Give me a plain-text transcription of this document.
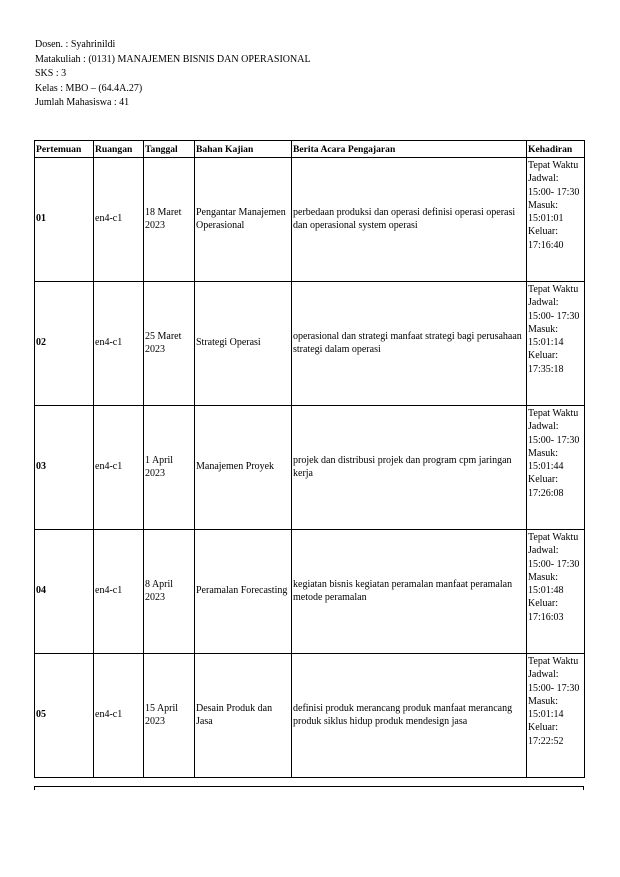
Dosen. : Syahrinildi
Matakuliah : (0131) MANAJEMEN BISNIS DAN OPERASIONAL
SKS : 3
Kelas : MBO – (64.4A.27)
Jumlah Mahasiswa : 41
Pertemuan	Ruangan	Tanggal	Bahan Kajian	Berita Acara Pengajaran	Kehadiran
01	en4-c1	18 Maret 2023	Pengantar Manajemen Operasional	perbedaan produksi dan operasi definisi operasi operasi dan operasional system operasi	Tepat Waktu Jadwal: 15:00- 17:30 Masuk: 15:01:01 Keluar: 17:16:40
02	en4-c1	25 Maret 2023	Strategi Operasi	operasional dan strategi manfaat strategi bagi perusahaan strategi dalam operasi	Tepat Waktu Jadwal: 15:00- 17:30 Masuk: 15:01:14 Keluar: 17:35:18
03	en4-c1	1 April 2023	Manajemen Proyek	projek dan distribusi projek dan program cpm jaringan kerja	Tepat Waktu Jadwal: 15:00- 17:30 Masuk: 15:01:44 Keluar: 17:26:08
04	en4-c1	8 April 2023	Peramalan Forecasting	kegiatan bisnis kegiatan peramalan manfaat peramalan metode peramalan	Tepat Waktu Jadwal: 15:00- 17:30 Masuk: 15:01:48 Keluar: 17:16:03
05	en4-c1	15 April 2023	Desain Produk dan Jasa	definisi produk merancang produk manfaat merancang produk siklus hidup produk mendesign jasa	Tepat Waktu Jadwal: 15:00- 17:30 Masuk: 15:01:14 Keluar: 17:22:52
